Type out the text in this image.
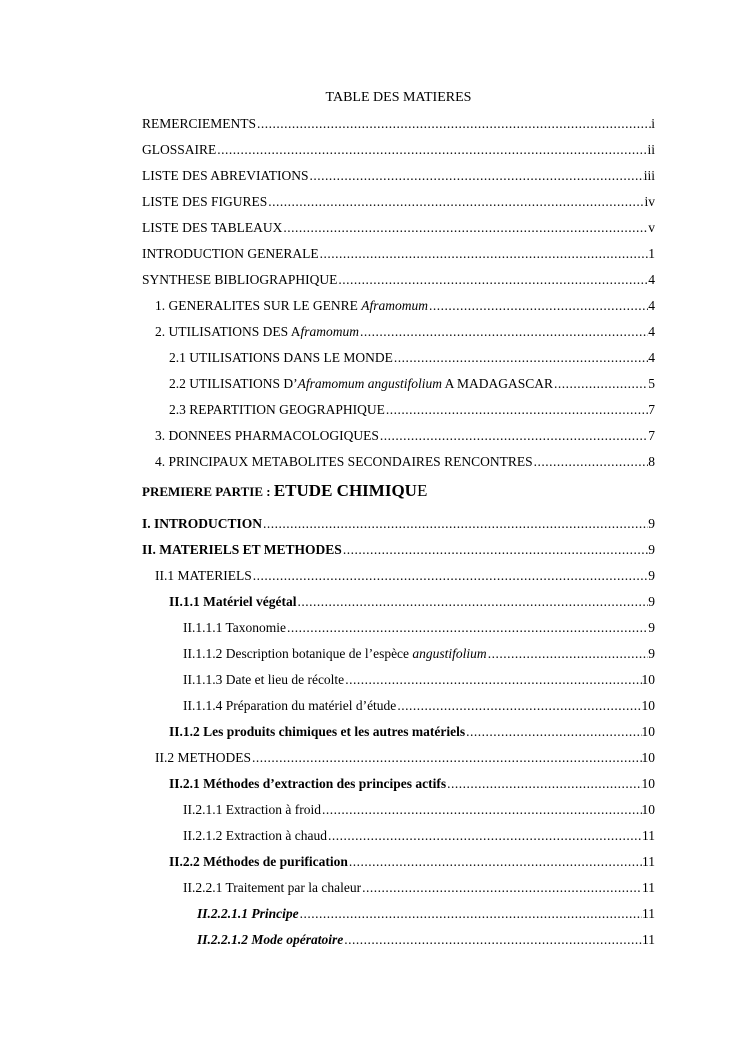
TABLE DES MATIERES
REMERCIEMENTS .....	i
GLOSSAIRE .....	ii
LISTE DES ABREVIATIONS .....	iii
LISTE DES FIGURES .....	iv
LISTE DES TABLEAUX .....	v
INTRODUCTION GENERALE .....	1
SYNTHESE BIBLIOGRAPHIQUE .....	4
1. GENERALITES SUR LE GENRE Aframomum .....	4
2. UTILISATIONS DES Aframomum .....	4
2.1 UTILISATIONS DANS LE MONDE .....	4
2.2 UTILISATIONS D’Aframomum angustifolium A MADAGASCAR .....	5
2.3 REPARTITION GEOGRAPHIQUE .....	7
3. DONNEES PHARMACOLOGIQUES .....	7
4. PRINCIPAUX METABOLITES SECONDAIRES RENCONTRES .....	8
PREMIERE PARTIE : ETUDE CHIMIQUE
I. INTRODUCTION .....	9
II. MATERIELS ET METHODES .....	9
II.1 MATERIELS .....	9
II.1.1 Matériel végétal .....	9
II.1.1.1 Taxonomie .....	9
II.1.1.2 Description botanique de l’espèce angustifolium .....	9
II.1.1.3 Date et lieu de récolte .....	10
II.1.1.4 Préparation du matériel d’étude .....	10
II.1.2 Les produits chimiques et les autres matériels .....	10
II.2 METHODES .....	10
II.2.1 Méthodes d’extraction des principes actifs .....	10
II.2.1.1 Extraction à froid .....	10
II.2.1.2 Extraction à chaud .....	11
II.2.2 Méthodes de purification .....	11
II.2.2.1 Traitement par la chaleur .....	11
II.2.2.1.1 Principe .....	11
II.2.2.1.2 Mode opératoire .....	11
